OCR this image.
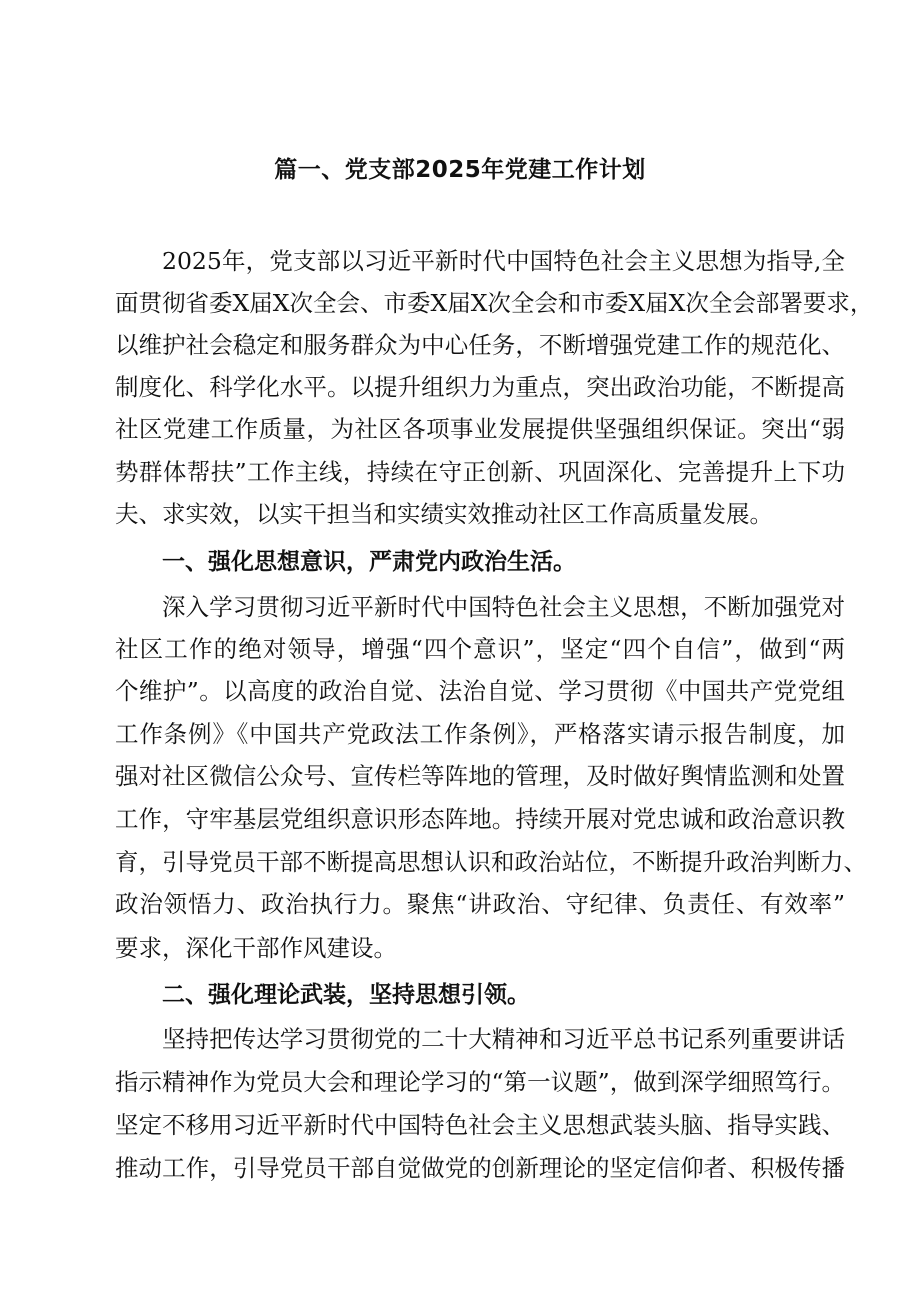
篇一、党支部2025年党建工作计划
2025年，党支部以习近平新时代中国特色社会主义思想为指导,全
面贯彻省委X届X次全会、市委X届X次全会和市委X届X次全会部署要求，
以维护社会稳定和服务群众为中心任务，不断增强党建工作的规范化、
制度化、科学化水平。以提升组织力为重点，突出政治功能，不断提高
社区党建工作质量，为社区各项事业发展提供坚强组织保证。突出“弱
势群体帮扶”工作主线，持续在守正创新、巩固深化、完善提升上下功
夫、求实效，以实干担当和实绩实效推动社区工作高质量发展。
一、强化思想意识，严肃党内政治生活。
深入学习贯彻习近平新时代中国特色社会主义思想，不断加强党对
社区工作的绝对领导，增强“四个意识”，坚定“四个自信”，做到“两
个维护”。以高度的政治自觉、法治自觉、学习贯彻《中国共产党党组
工作条例》《中国共产党政法工作条例》，严格落实请示报告制度，加
强对社区微信公众号、宣传栏等阵地的管理，及时做好舆情监测和处置
工作，守牢基层党组织意识形态阵地。持续开展对党忠诚和政治意识教
育，引导党员干部不断提高思想认识和政治站位，不断提升政治判断力、
政治领悟力、政治执行力。聚焦“讲政治、守纪律、负责任、有效率”
要求，深化干部作风建设。
二、强化理论武装，坚持思想引领。
坚持把传达学习贯彻党的二十大精神和习近平总书记系列重要讲话
指示精神作为党员大会和理论学习的“第一议题”，做到深学细照笃行。
坚定不移用习近平新时代中国特色社会主义思想武装头脑、指导实践、
推动工作，引导党员干部自觉做党的创新理论的坚定信仰者、积极传播
